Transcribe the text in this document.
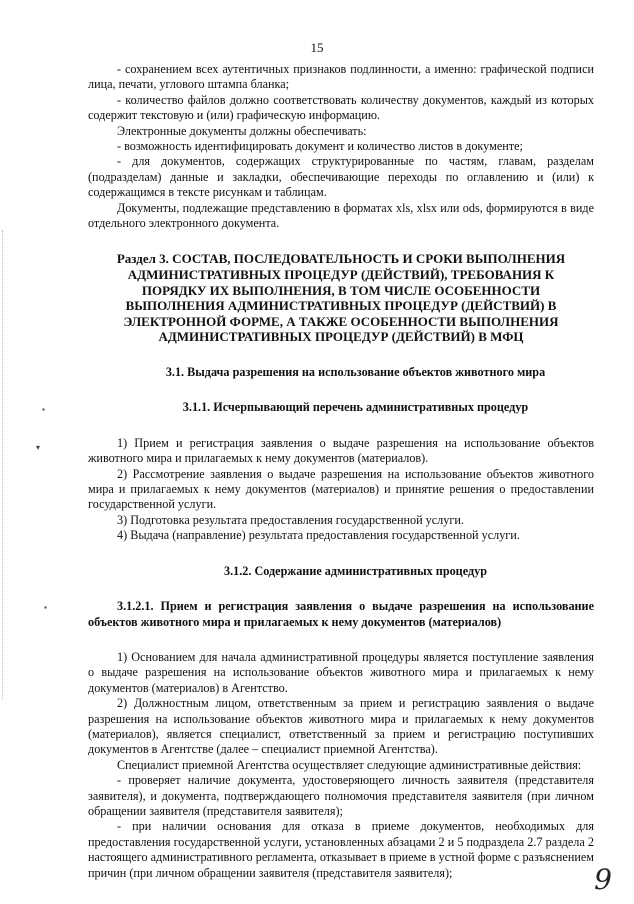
▪
▾
▪
15

- сохранением всех аутентичных признаков подлинности, а именно: графической подписи лица, печати, углового штампа бланка;

- количество файлов должно соответствовать количеству документов, каждый из которых содержит текстовую и (или) графическую информацию.

Электронные документы должны обеспечивать:

- возможность идентифицировать документ и количество листов в документе;

- для документов, содержащих структурированные по частям, главам, разделам (подразделам) данные и закладки, обеспечивающие переходы по оглавлению и (или) к содержащимся в тексте рисункам и таблицам.

Документы, подлежащие представлению в форматах xls, xlsx или ods, формируются в виде отдельного электронного документа.

Раздел 3. СОСТАВ, ПОСЛЕДОВАТЕЛЬНОСТЬ И СРОКИ ВЫПОЛНЕНИЯ АДМИНИСТРАТИВНЫХ ПРОЦЕДУР (ДЕЙСТВИЙ), ТРЕБОВАНИЯ К ПОРЯДКУ ИХ ВЫПОЛНЕНИЯ, В ТОМ ЧИСЛЕ ОСОБЕННОСТИ ВЫПОЛНЕНИЯ АДМИНИСТРАТИВНЫХ ПРОЦЕДУР (ДЕЙСТВИЙ) В ЭЛЕКТРОННОЙ ФОРМЕ, А ТАКЖЕ ОСОБЕННОСТИ ВЫПОЛНЕНИЯ АДМИНИСТРАТИВНЫХ ПРОЦЕДУР (ДЕЙСТВИЙ) В МФЦ

3.1. Выдача разрешения на использование объектов животного мира

3.1.1. Исчерпывающий перечень административных процедур

1) Прием и регистрация заявления о выдаче разрешения на использование объектов животного мира и прилагаемых к нему документов (материалов).

2) Рассмотрение заявления о выдаче разрешения на использование объектов животного мира и прилагаемых к нему документов (материалов) и принятие решения о предоставлении государственной услуги.

3) Подготовка результата предоставления государственной услуги.

4) Выдача (направление) результата предоставления государственной услуги.

3.1.2. Содержание административных процедур

3.1.2.1. Прием и регистрация заявления о выдаче разрешения на использование объектов животного мира и прилагаемых к нему документов (материалов)

1) Основанием для начала административной процедуры является поступление заявления о выдаче разрешения на использование объектов животного мира и прилагаемых к нему документов (материалов) в Агентство.

2) Должностным лицом, ответственным за прием и регистрацию заявления о выдаче разрешения на использование объектов животного мира и прилагаемых к нему документов (материалов), является специалист, ответственный за прием и регистрацию поступивших документов в Агентстве (далее – специалист приемной Агентства).

Специалист приемной Агентства осуществляет следующие административные действия:

- проверяет наличие документа, удостоверяющего личность заявителя (представителя заявителя), и документа, подтверждающего полномочия представителя заявителя (при личном обращении заявителя (представителя заявителя);

- при наличии основания для отказа в приеме документов, необходимых для предоставления государственной услуги, установленных абзацами 2 и 5 подраздела 2.7 раздела 2 настоящего административного регламента, отказывает в приеме в устной форме с разъяснением причин (при личном обращении заявителя (представителя заявителя);	9
